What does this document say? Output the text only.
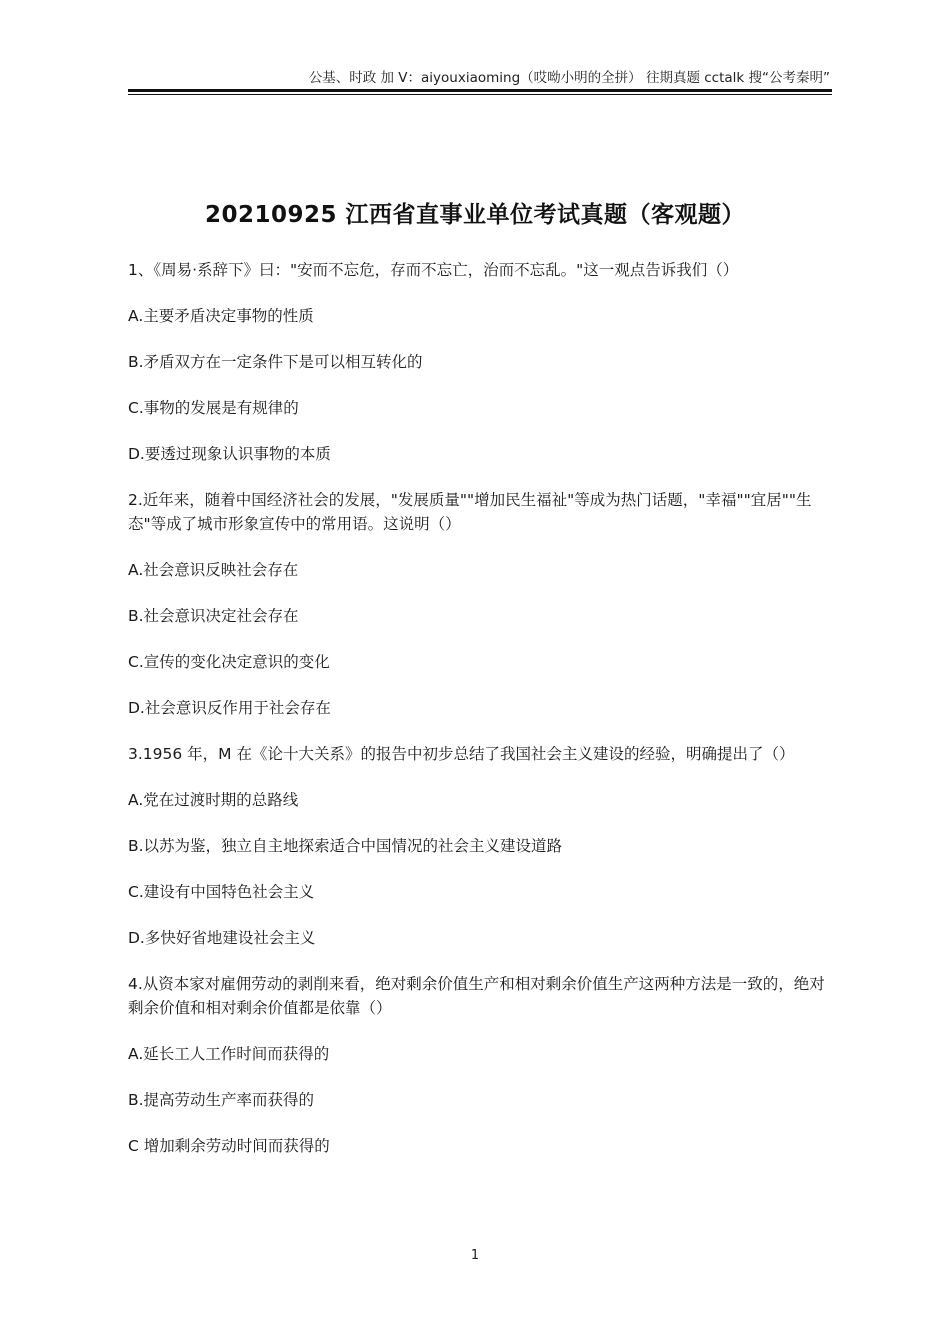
公基、时政 加 V：aiyouxiaoming（哎呦小明的全拼） 往期真题 cctalk 搜“公考秦明”
20210925 江西省直事业单位考试真题（客观题）

1、《周易·系辞下》曰："安而不忘危，存而不忘亡，治而不忘乱。"这一观点告诉我们（）

A.主要矛盾决定事物的性质

B.矛盾双方在一定条件下是可以相互转化的

C.事物的发展是有规律的

D.要透过现象认识事物的本质

2.近年来，随着中国经济社会的发展，"发展质量""增加民生福祉"等成为热门话题，"幸福""宜居""生态"等成了城市形象宣传中的常用语。这说明（）

A.社会意识反映社会存在

B.社会意识决定社会存在

C.宣传的变化决定意识的变化

D.社会意识反作用于社会存在

3.1956 年，M 在《论十大关系》的报告中初步总结了我国社会主义建设的经验，明确提出了（）

A.党在过渡时期的总路线

B.以苏为鉴，独立自主地探索适合中国情况的社会主义建设道路

C.建设有中国特色社会主义

D.多快好省地建设社会主义

4.从资本家对雇佣劳动的剥削来看，绝对剩余价值生产和相对剩余价值生产这两种方法是一致的，绝对剩余价值和相对剩余价值都是依靠（）

A.延长工人工作时间而获得的

B.提高劳动生产率而获得的

C 增加剩余劳动时间而获得的

1
